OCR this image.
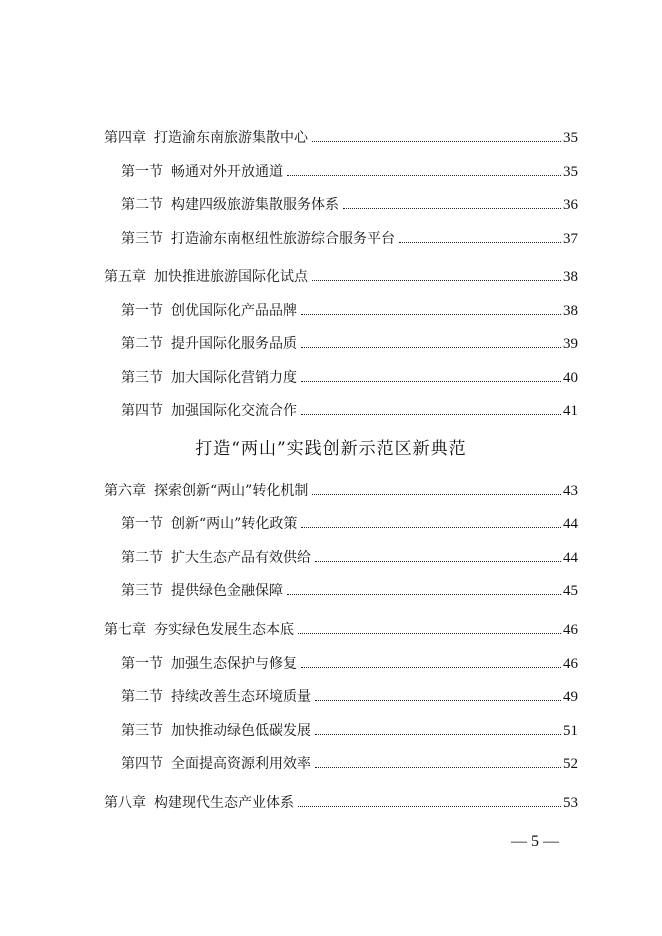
第四章 打造渝东南旅游集散中心	35
第一节 畅通对外开放通道	35
第二节 构建四级旅游集散服务体系	36
第三节 打造渝东南枢纽性旅游综合服务平台	37
第五章 加快推进旅游国际化试点	38
第一节 创优国际化产品品牌	38
第二节 提升国际化服务品质	39
第三节 加大国际化营销力度	40
第四节 加强国际化交流合作	41
打造“两山”实践创新示范区新典范
第六章 探索创新“两山”转化机制	43
第一节 创新“两山”转化政策	44
第二节 扩大生态产品有效供给	44
第三节 提供绿色金融保障	45
第七章 夯实绿色发展生态本底	46
第一节 加强生态保护与修复	46
第二节 持续改善生态环境质量	49
第三节 加快推动绿色低碳发展	51
第四节 全面提高资源利用效率	52
第八章 构建现代生态产业体系	53
— 5 —
